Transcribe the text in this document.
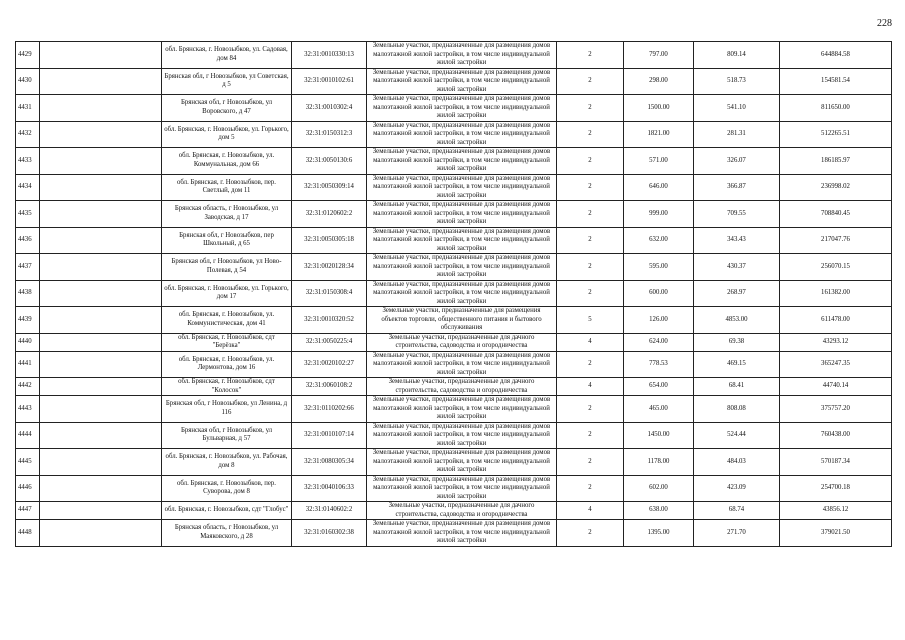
228
4429		обл. Брянская, г. Новозыбков, ул. Садовая, дом 84	32:31:0010330:13	Земельные участки, предназначенные для размещения домов малоэтажной жилой застройки, в том числе индивидуальной жилой застройки	2	797.00	809.14	644884.58
4430		Брянская обл, г Новозыбков, ул Советская, д 5	32:31:0010102:61	Земельные участки, предназначенные для размещения домов малоэтажной жилой застройки, в том числе индивидуальной жилой застройки	2	298.00	518.73	154581.54
4431		Брянская обл, г Новозыбков, ул Воровского, д 47	32:31:0010302:4	Земельные участки, предназначенные для размещения домов малоэтажной жилой застройки, в том числе индивидуальной жилой застройки	2	1500.00	541.10	811650.00
4432		обл. Брянская, г. Новозыбков, ул. Горького, дом 5	32:31:0150312:3	Земельные участки, предназначенные для размещения домов малоэтажной жилой застройки, в том числе индивидуальной жилой застройки	2	1821.00	281.31	512265.51
4433		обл. Брянская, г. Новозыбков, ул. Коммунальная, дом 66	32:31:0050130:6	Земельные участки, предназначенные для размещения домов малоэтажной жилой застройки, в том числе индивидуальной жилой застройки	2	571.00	326.07	186185.97
4434		обл. Брянская, г. Новозыбков, пер. Светлый, дом 11	32:31:0050309:14	Земельные участки, предназначенные для размещения домов малоэтажной жилой застройки, в том числе индивидуальной жилой застройки	2	646.00	366.87	236998.02
4435		Брянская область, г Новозыбков, ул Заводская, д 17	32:31:0120602:2	Земельные участки, предназначенные для размещения домов малоэтажной жилой застройки, в том числе индивидуальной жилой застройки	2	999.00	709.55	708840.45
4436		Брянская обл, г Новозыбков, пер Школьный, д 65	32:31:0050305:18	Земельные участки, предназначенные для размещения домов малоэтажной жилой застройки, в том числе индивидуальной жилой застройки	2	632.00	343.43	217047.76
4437		Брянская обл, г Новозыбков, ул Ново-Полевая, д 54	32:31:0020128:34	Земельные участки, предназначенные для размещения домов малоэтажной жилой застройки, в том числе индивидуальной жилой застройки	2	595.00	430.37	256070.15
4438		обл. Брянская, г. Новозыбков, ул. Горького, дом 17	32:31:0150308:4	Земельные участки, предназначенные для размещения домов малоэтажной жилой застройки, в том числе индивидуальной жилой застройки	2	600.00	268.97	161382.00
4439		обл. Брянская, г. Новозыбков, ул. Коммунистическая, дом 41	32:31:0010320:52	Земельные участки, предназначенные для размещения объектов торговли, общественного питания и бытового обслуживания	5	126.00	4853.00	611478.00
4440		обл. Брянская, г. Новозыбков, сдт "Берёзка"	32:31:0050225:4	Земельные участки, предназначенные для дачного строительства, садоводства и огородничества	4	624.00	69.38	43293.12
4441		обл. Брянская, г. Новозыбков, ул. Лермонтова, дом 16	32:31:0020102:27	Земельные участки, предназначенные для размещения домов малоэтажной жилой застройки, в том числе индивидуальной жилой застройки	2	778.53	469.15	365247.35
4442		обл. Брянская, г. Новозыбков, сдт "Колосок"	32:31:0060108:2	Земельные участки, предназначенные для дачного строительства, садоводства и огородничества	4	654.00	68.41	44740.14
4443		Брянская обл, г Новозыбков, ул Ленина, д 116	32:31:0110202:66	Земельные участки, предназначенные для размещения домов малоэтажной жилой застройки, в том числе индивидуальной жилой застройки	2	465.00	808.08	375757.20
4444		Брянская обл, г Новозыбков, ул Бульварная, д 57	32:31:0010107:14	Земельные участки, предназначенные для размещения домов малоэтажной жилой застройки, в том числе индивидуальной жилой застройки	2	1450.00	524.44	760438.00
4445		обл. Брянская, г. Новозыбков, ул. Рабочая, дом 8	32:31:0080305:34	Земельные участки, предназначенные для размещения домов малоэтажной жилой застройки, в том числе индивидуальной жилой застройки	2	1178.00	484.03	570187.34
4446		обл. Брянская, г. Новозыбков, пер. Суворова, дом 8	32:31:0040106:33	Земельные участки, предназначенные для размещения домов малоэтажной жилой застройки, в том числе индивидуальной жилой застройки	2	602.00	423.09	254700.18
4447		обл. Брянская, г. Новозыбков, сдт "Глобус"	32:31:0140602:2	Земельные участки, предназначенные для дачного строительства, садоводства и огородничества	4	638.00	68.74	43856.12
4448		Брянская область, г Новозыбков, ул Маяковского, д 28	32:31:0160302:38	Земельные участки, предназначенные для размещения домов малоэтажной жилой застройки, в том числе индивидуальной жилой застройки	2	1395.00	271.70	379021.50
